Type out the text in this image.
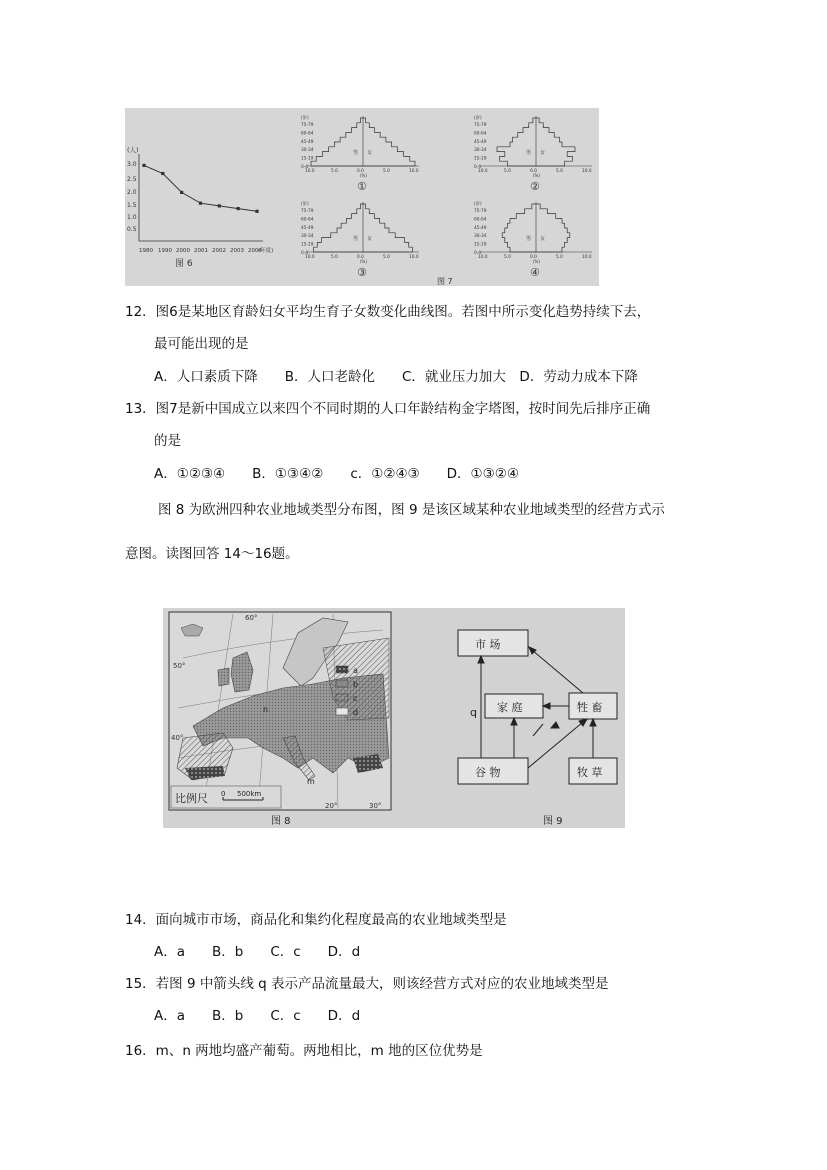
(人)
3.0
2.5
2.0
1.5
1.0
0.5
1980 1990 2000 2001 2002 2003 2004
(年度)
图 6
75-79
60-64
45-49
30-34
15-19
0-4
(岁)
男 女
10.0	5.0	0.0	5.0	10.0
(%)
①
75-79
60-64
45-49
30-34
15-19
0-4
(岁)
男 女
10.0	5.0	0.0	5.0	10.0
(%)
②
75-79
60-64
45-49
30-34
15-19
0-4
(岁)
男 女
10.0	5.0	0.0	5.0	10.0
(%)
③
75-79
60-64
45-49
30-34
15-19
0-4
(岁)
男 女
10.0	5.0	0.0	5.0	10.0
(%)
④
图 7
12．图6是某地区育龄妇女平均生育子女数变化曲线图。若图中所示变化趋势持续下去，
最可能出现的是
A．人口素质下降　　B．人口老龄化　　C．就业压力加大　D．劳动力成本下降
13．图7是新中国成立以来四个不同时期的人口年龄结构金字塔图，按时间先后排序正确
的是
A．①②③④　　B．①③④②　　c．①②④③　　D．①③②④
图 8 为欧洲四种农业地域类型分布图，图 9 是该区域某种农业地域类型的经营方式示
意图。读图回答 14～16题。
60°
50°
40°
n
m
20°	30°
a
b
c
d
比例尺 0 500km
图 8
市 场
家 庭	牲 畜
谷 物	牧 草
q
图 9
14．面向城市市场，商品化和集约化程度最高的农业地域类型是
A．a　　B．b　　C．c　　D．d
15．若图 9 中箭头线 q 表示产品流量最大，则该经营方式对应的农业地域类型是
A．a　　B．b　　C．c　　D．d
16．m、n 两地均盛产葡萄。两地相比，m 地的区位优势是
